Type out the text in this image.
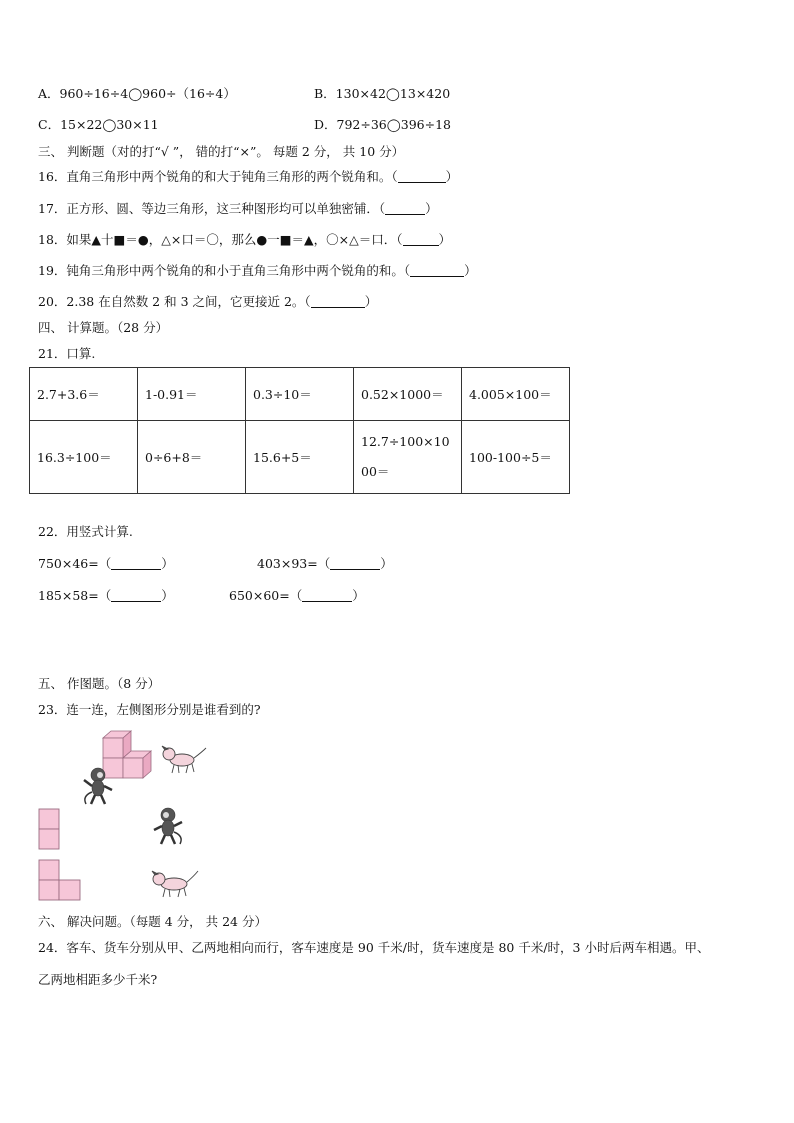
A．960÷16÷4◯960÷（16÷4）	B．130×42◯13×420
C．15×22◯30×11	D．792÷36◯396÷18
三、 判断题（对的打“√ ”， 错的打“×”。 每题 2 分， 共 10 分）
16．直角三角形中两个锐角的和大于钝角三角形的两个锐角和。（	）
17．正方形、圆、等边三角形，这三种图形均可以单独密铺．（	）
18．如果▲十■＝●，△×口＝〇，那么●一■＝▲，〇×△＝口．（	）
19．钝角三角形中两个锐角的和小于直角三角形中两个锐角的和。（	）
20．2.38 在自然数 2 和 3 之间，它更接近 2。（	）
四、 计算题。（28 分）
21．口算.
2.7+3.6＝	1-0.91＝	0.3÷10＝	0.52×1000＝	4.005×100＝
16.3÷100＝	0÷6+8＝	15.6+5＝	12.7÷100×1000＝	100-100÷5＝
22．用竖式计算.
750×46=（	）	403×93=（	）
185×58=（	）	650×60=（	）
五、 作图题。（8 分）
23．连一连，左侧图形分别是谁看到的?
六、 解决问题。（每题 4 分， 共 24 分）
24．客车、货车分别从甲、乙两地相向而行，客车速度是 90 千米/时，货车速度是 80 千米/时，3 小时后两车相遇。甲、
乙两地相距多少千米?
